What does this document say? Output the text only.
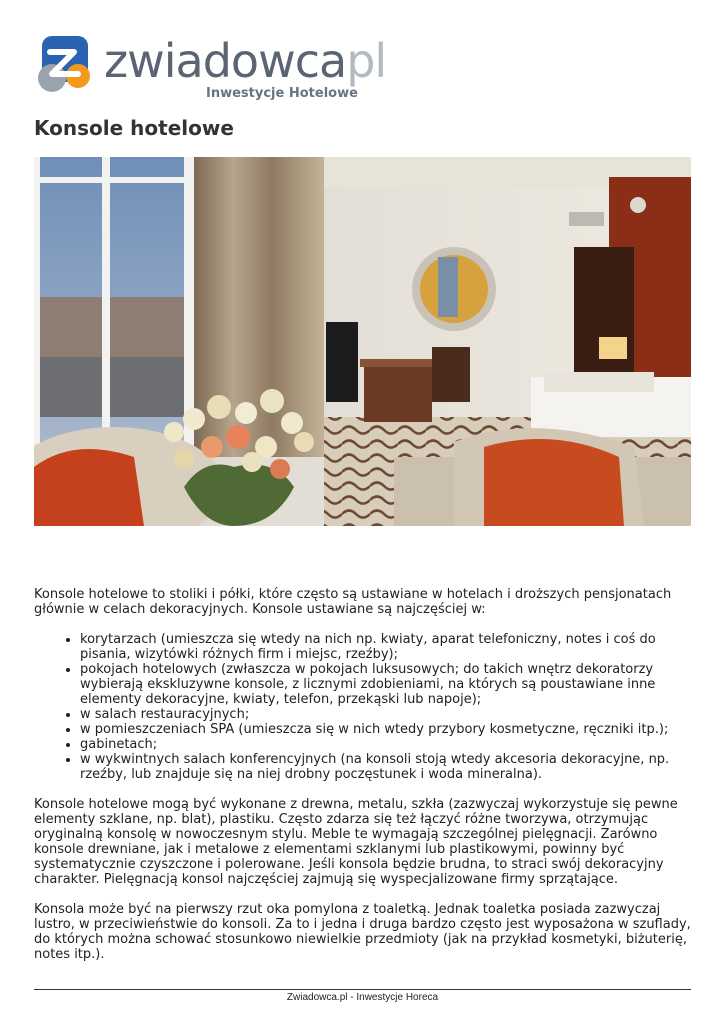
zwiadowcapl
Inwestycje Hotelowe
Konsole hotelowe

Konsole hotelowe to stoliki i półki, które często są ustawiane w hotelach i droższych pensjonatach głównie w celach dekoracyjnych. Konsole ustawiane są najczęściej w:

• korytarzach (umieszcza się wtedy na nich np. kwiaty, aparat telefoniczny, notes i coś do pisania, wizytówki różnych firm i miejsc, rzeźby);
• pokojach hotelowych (zwłaszcza w pokojach luksusowych; do takich wnętrz dekoratorzy wybierają ekskluzywne konsole, z licznymi zdobieniami, na których są poustawiane inne elementy dekoracyjne, kwiaty, telefon, przekąski lub napoje);
• w salach restauracyjnych;
• w pomieszczeniach SPA (umieszcza się w nich wtedy przybory kosmetyczne, ręczniki itp.);
• gabinetach;
• w wykwintnych salach konferencyjnych (na konsoli stoją wtedy akcesoria dekoracyjne, np. rzeźby, lub znajduje się na niej drobny poczęstunek i woda mineralna).

Konsole hotelowe mogą być wykonane z drewna, metalu, szkła (zazwyczaj wykorzystuje się pewne elementy szklane, np. blat), plastiku. Często zdarza się też łączyć różne tworzywa, otrzymując oryginalną konsolę w nowoczesnym stylu. Meble te wymagają szczególnej pielęgnacji. Zarówno konsole drewniane, jak i metalowe z elementami szklanymi lub plastikowymi, powinny być systematycznie czyszczone i polerowane. Jeśli konsola będzie brudna, to straci swój dekoracyjny charakter. Pielęgnacją konsol najczęściej zajmują się wyspecjalizowane firmy sprzątające.

Konsola może być na pierwszy rzut oka pomylona z toaletką. Jednak toaletka posiada zazwyczaj lustro, w przeciwieństwie do konsoli. Za to i jedna i druga bardzo często jest wyposażona w szuflady, do których można schować stosunkowo niewielkie przedmioty (jak na przykład kosmetyki, biżuterię, notes itp.).

Zwiadowca.pl - Inwestycje Horeca
